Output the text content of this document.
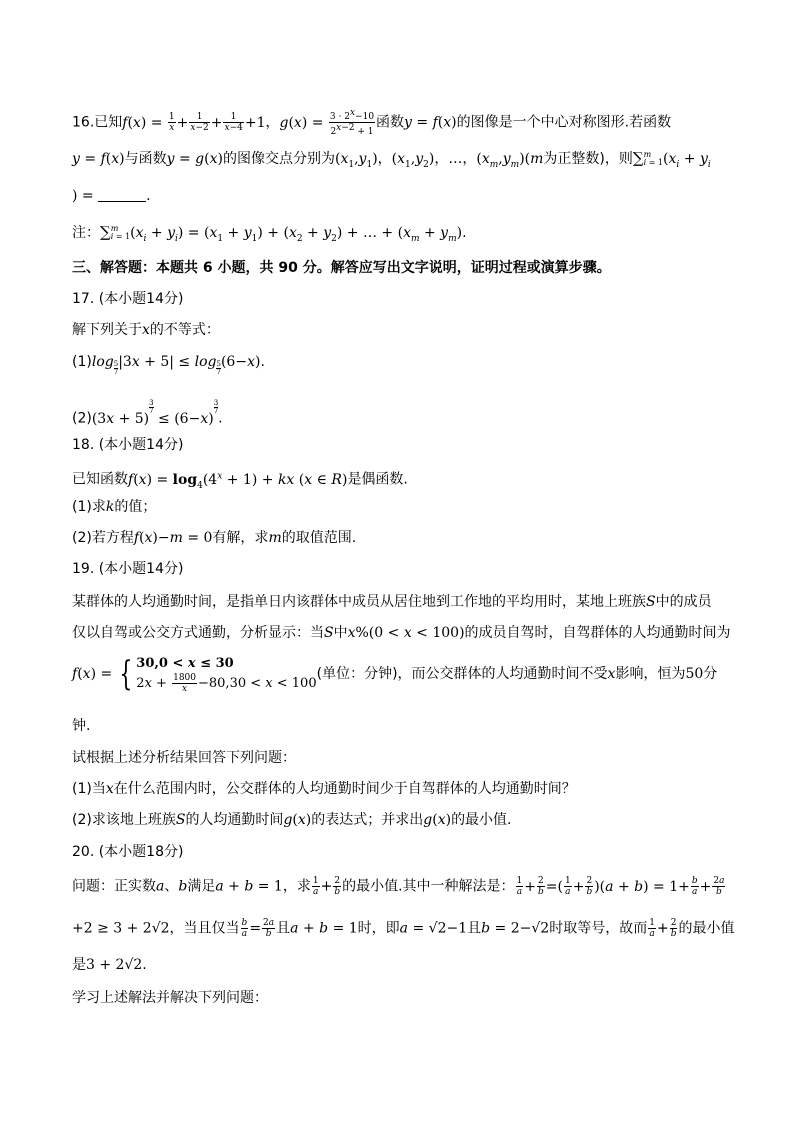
16.已知$f(x) = \frac{1}{x} + \frac{1}{x-2} + \frac{1}{x-4} +1$，$g(x) = \frac{3 \cdot 2^x-10}{2^{x-2} + 1}$ 函数y = f(x)的图像是一个中心对称图形.若函数
y = f(x)与函数y = g(x)的图像交点分别为$(x_1,y_1)$，$(x_1,y_2)$，…，$(x_m,y_m)(m$为正整数)，则∑m
$i = 1(x_i + y_i$
) =	.
注：∑m
$i = 1(x_i + y_i) = (x_1 + y_1) + (x_2 + y_2)$ + … + $(x_m + y_m)$.
三、解答题：本题共 6 小题，共 90 分。解答应写出文字说明，证明过程或演算步骤。
17. (本小题14分)
解下列关于x的不等式：
$(1)\log \frac{5}{7}|3x + 5| \le \log \frac{5}{7}(6-x)$.
(2)(3x + 5)
$^{\frac{3}{7}}$ ≤ (6−x)
$^{\frac{3}{7}}$.
18. (本小题14分)
已知函数$f(x) = \log_4(4^x + 1)$ + kx (x ∈ R)是偶函数.
(1)求k的值；
(2)若方程f(x)−m = 0有解，求m的取值范围.
19. (本小题14分)
某群体的人均通勤时间，是指单日内该群体中成员从居住地到工作地的平均用时，某地上班族S中的成员
仅以自驾或公交方式通勤，分析显示：当S中x%(0 < x < 100)的成员自驾时，自驾群体的人均通勤时间为
f(x) = { 30,0 < x ≤ 30
$2x + \frac{1800}{x} -80,30 < x < 100$(单位：分钟)，而公交群体的人均通勤时间不受x影响，恒为50分
钟.
试根据上述分析结果回答下列问题：
(1)当x在什么范围内时，公交群体的人均通勤时间少于自驾群体的人均通勤时间？
(2)求该地上班族S的人均通勤时间g(x)的表达式；并求出g(x)的最小值.
20. (本小题18分)
问题：正实数a、b满足a + b = 1，求 $\frac{1}{a} + \frac{2}{b}$ 的最小值.其中一种解法是： $\frac{1}{a} + \frac{2}{b}$ =( $\frac{1}{a} + \frac{2}{b} )(a + b) = 1+ \frac{b}{a} + \frac{2a}{b}$
+2 ≥ 3 + 2√2，当且仅当 $\frac{b}{a} = \frac{2a}{b}$ 且a + b = 1时，即a = √2−1且b = 2−√2时取等号，故而 $\frac{1}{a} + \frac{2}{b}$ 的最小值
是3 + 2√2.
学习上述解法并解决下列问题：
